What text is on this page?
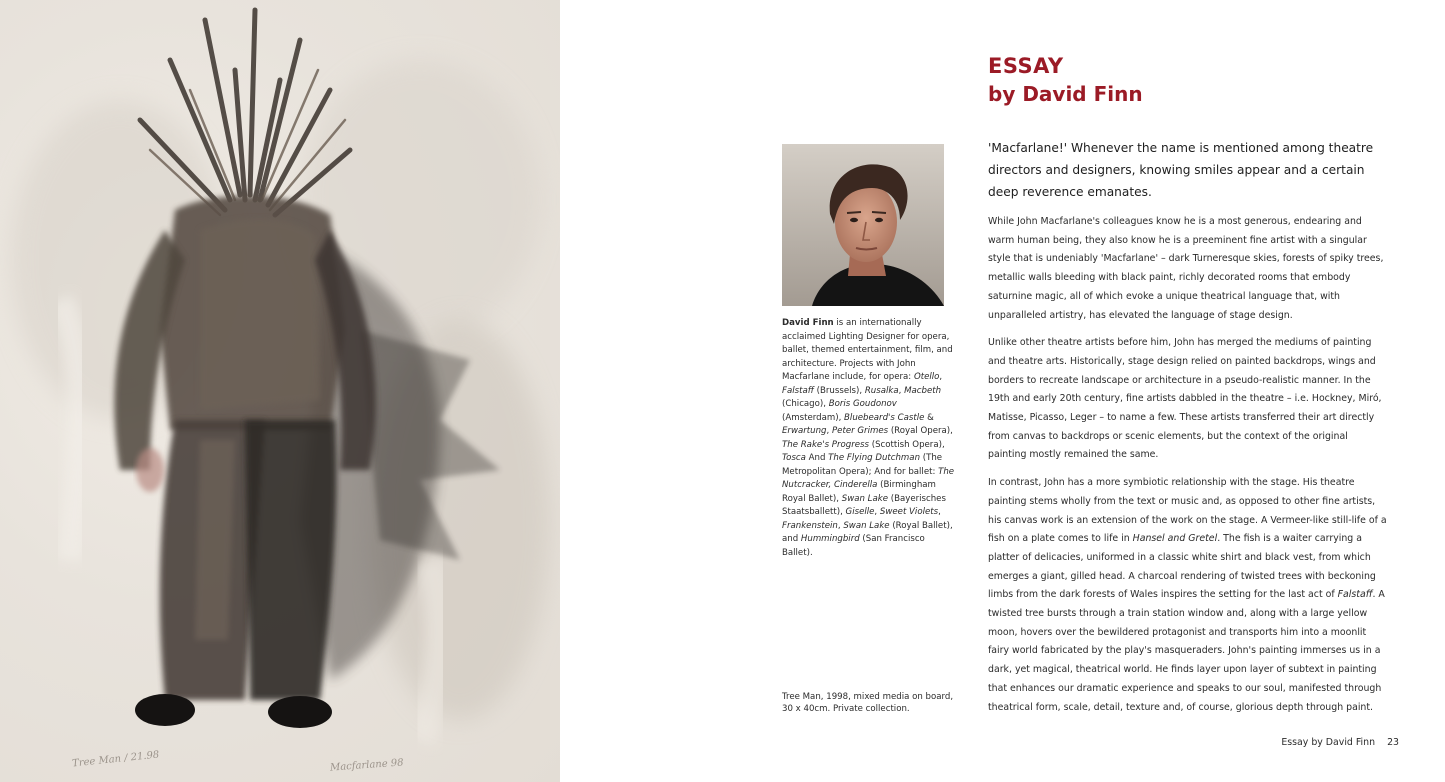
Tree Man / 21.98	Macfarlane 98
ESSAY
by David Finn

David Finn is an internationally acclaimed Lighting Designer for opera, ballet, themed entertainment, film, and architecture. Projects with John Macfarlane include, for opera: Otello, Falstaff (Brussels), Rusalka, Macbeth (Chicago), Boris Goudonov (Amsterdam), Bluebeard's Castle & Erwartung, Peter Grimes (Royal Opera), The Rake's Progress (Scottish Opera), Tosca And The Flying Dutchman (The Metropolitan Opera); And for ballet: The Nutcracker, Cinderella (Birmingham Royal Ballet), Swan Lake (Bayerisches Staatsballett), Giselle, Sweet Violets, Frankenstein, Swan Lake (Royal Ballet), and Hummingbird (San Francisco Ballet).

Tree Man, 1998, mixed media on board, 30 x 40cm. Private collection.

'Macfarlane!' Whenever the name is mentioned among theatre directors and designers, knowing smiles appear and a certain deep reverence emanates.

While John Macfarlane's colleagues know he is a most generous, endearing and warm human being, they also know he is a preeminent fine artist with a singular style that is undeniably 'Macfarlane' – dark Turneresque skies, forests of spiky trees, metallic walls bleeding with black paint, richly decorated rooms that embody saturnine magic, all of which evoke a unique theatrical language that, with unparalleled artistry, has elevated the language of stage design.

Unlike other theatre artists before him, John has merged the mediums of painting and theatre arts. Historically, stage design relied on painted backdrops, wings and borders to recreate landscape or architecture in a pseudo-realistic manner. In the 19th and early 20th century, fine artists dabbled in the theatre – i.e. Hockney, Miró, Matisse, Picasso, Leger – to name a few. These artists transferred their art directly from canvas to backdrops or scenic elements, but the context of the original painting mostly remained the same.

In contrast, John has a more symbiotic relationship with the stage. His theatre painting stems wholly from the text or music and, as opposed to other fine artists, his canvas work is an extension of the work on the stage. A Vermeer-like still-life of a fish on a plate comes to life in Hansel and Gretel. The fish is a waiter carrying a platter of delicacies, uniformed in a classic white shirt and black vest, from which emerges a giant, gilled head. A charcoal rendering of twisted trees with beckoning limbs from the dark forests of Wales inspires the setting for the last act of Falstaff. A twisted tree bursts through a train station window and, along with a large yellow moon, hovers over the bewildered protagonist and transports him into a moonlit fairy world fabricated by the play's masqueraders. John's painting immerses us in a dark, yet magical, theatrical world. He finds layer upon layer of subtext in painting that enhances our dramatic experience and speaks to our soul, manifested through theatrical form, scale, detail, texture and, of course, glorious depth through paint.

Essay by David Finn 23
